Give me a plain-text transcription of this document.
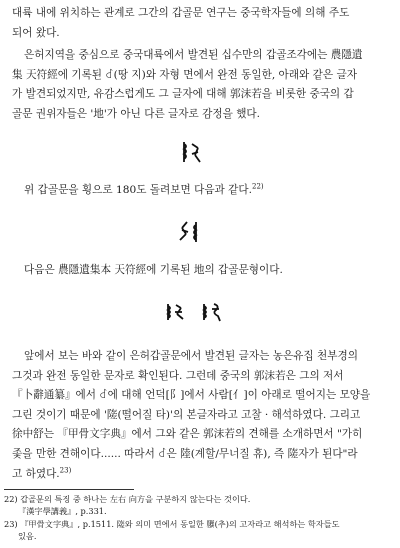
대륙 내에 위치하는 관계로 그간의 갑골문 연구는 중국학자들에 의해 주도
되어 왔다.
은허지역을 중심으로 중국대륙에서 발견된 십수만의 갑골조각에는 農隱遺
集 天符經에 기록된 ꁐ(땅 지)와 자형 면에서 완전 동일한, 아래와 같은 글자
가 발견되었지만, 유감스럽게도 그 글자에 대해 郭沫若을 비롯한 중국의 갑
골문 권위자들은 '地'가 아닌 다른 글자로 감정을 했다.
위 갑골문을 횡으로 180도 돌려보면 다음과 같다.$^{22)}$
다음은 農隱遺集本 天符經에 기록된 地의 갑골문형이다.
앞에서 보는 바와 같이 은허갑골문에서 발견된 글자는 농은유집 천부경의
그것과 완전 동일한 문자로 확인된다. 그런데 중국의 郭沫若은 그의 저서
『卜辭通纂』에서 ꁐ에 대해 언덕[阝]에서 사람[亻]이 아래로 떨어지는 모양을
그린 것이기 때문에 '隓(떨어질 타)'의 본글자라고 고찰 · 해석하였다. 그리고
徐中舒는 『甲骨文字典』에서 그와 같은 郭沫若의 견해를 소개하면서 "가히
좇을 만한 견해이다...... 따라서 ꁐ은 陸(계할/무너질 휴), 즉 隓자가 된다"라
고 하였다.$^{23)}$
22) 갑골문의 특징 중 하나는 左右 向方을 구분하지 않는다는 것이다.
『漢字學講義』, p.331.
23) 『甲骨文字典』, p.1511. 隓와 의미 면에서 동일한 隳(추)의 고자라고 해석하는 학자들도
있음.
